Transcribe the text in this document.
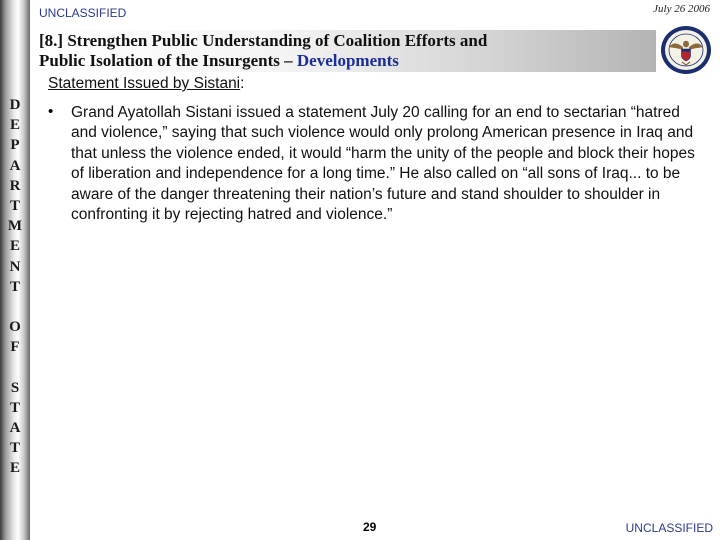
D
E
P
A
R
T
M
E
N
T
O
F
S
T
A
T
E
UNCLASSIFIED	July 26 2006
[8.] Strengthen Public Understanding of Coalition Efforts and
Public Isolation of the Insurgents – Developments
Statement Issued by Sistani:
• Grand Ayatollah Sistani issued a statement July 20 calling for an end to sectarian “hatred and violence,” saying that such violence would only prolong American presence in Iraq and that unless the violence ended, it would “harm the unity of the people and block their hopes of liberation and independence for a long time.” He also called on “all sons of Iraq... to be aware of the danger threatening their nation’s future and stand shoulder to shoulder in confronting it by rejecting hatred and violence.”

29	UNCLASSIFIED
